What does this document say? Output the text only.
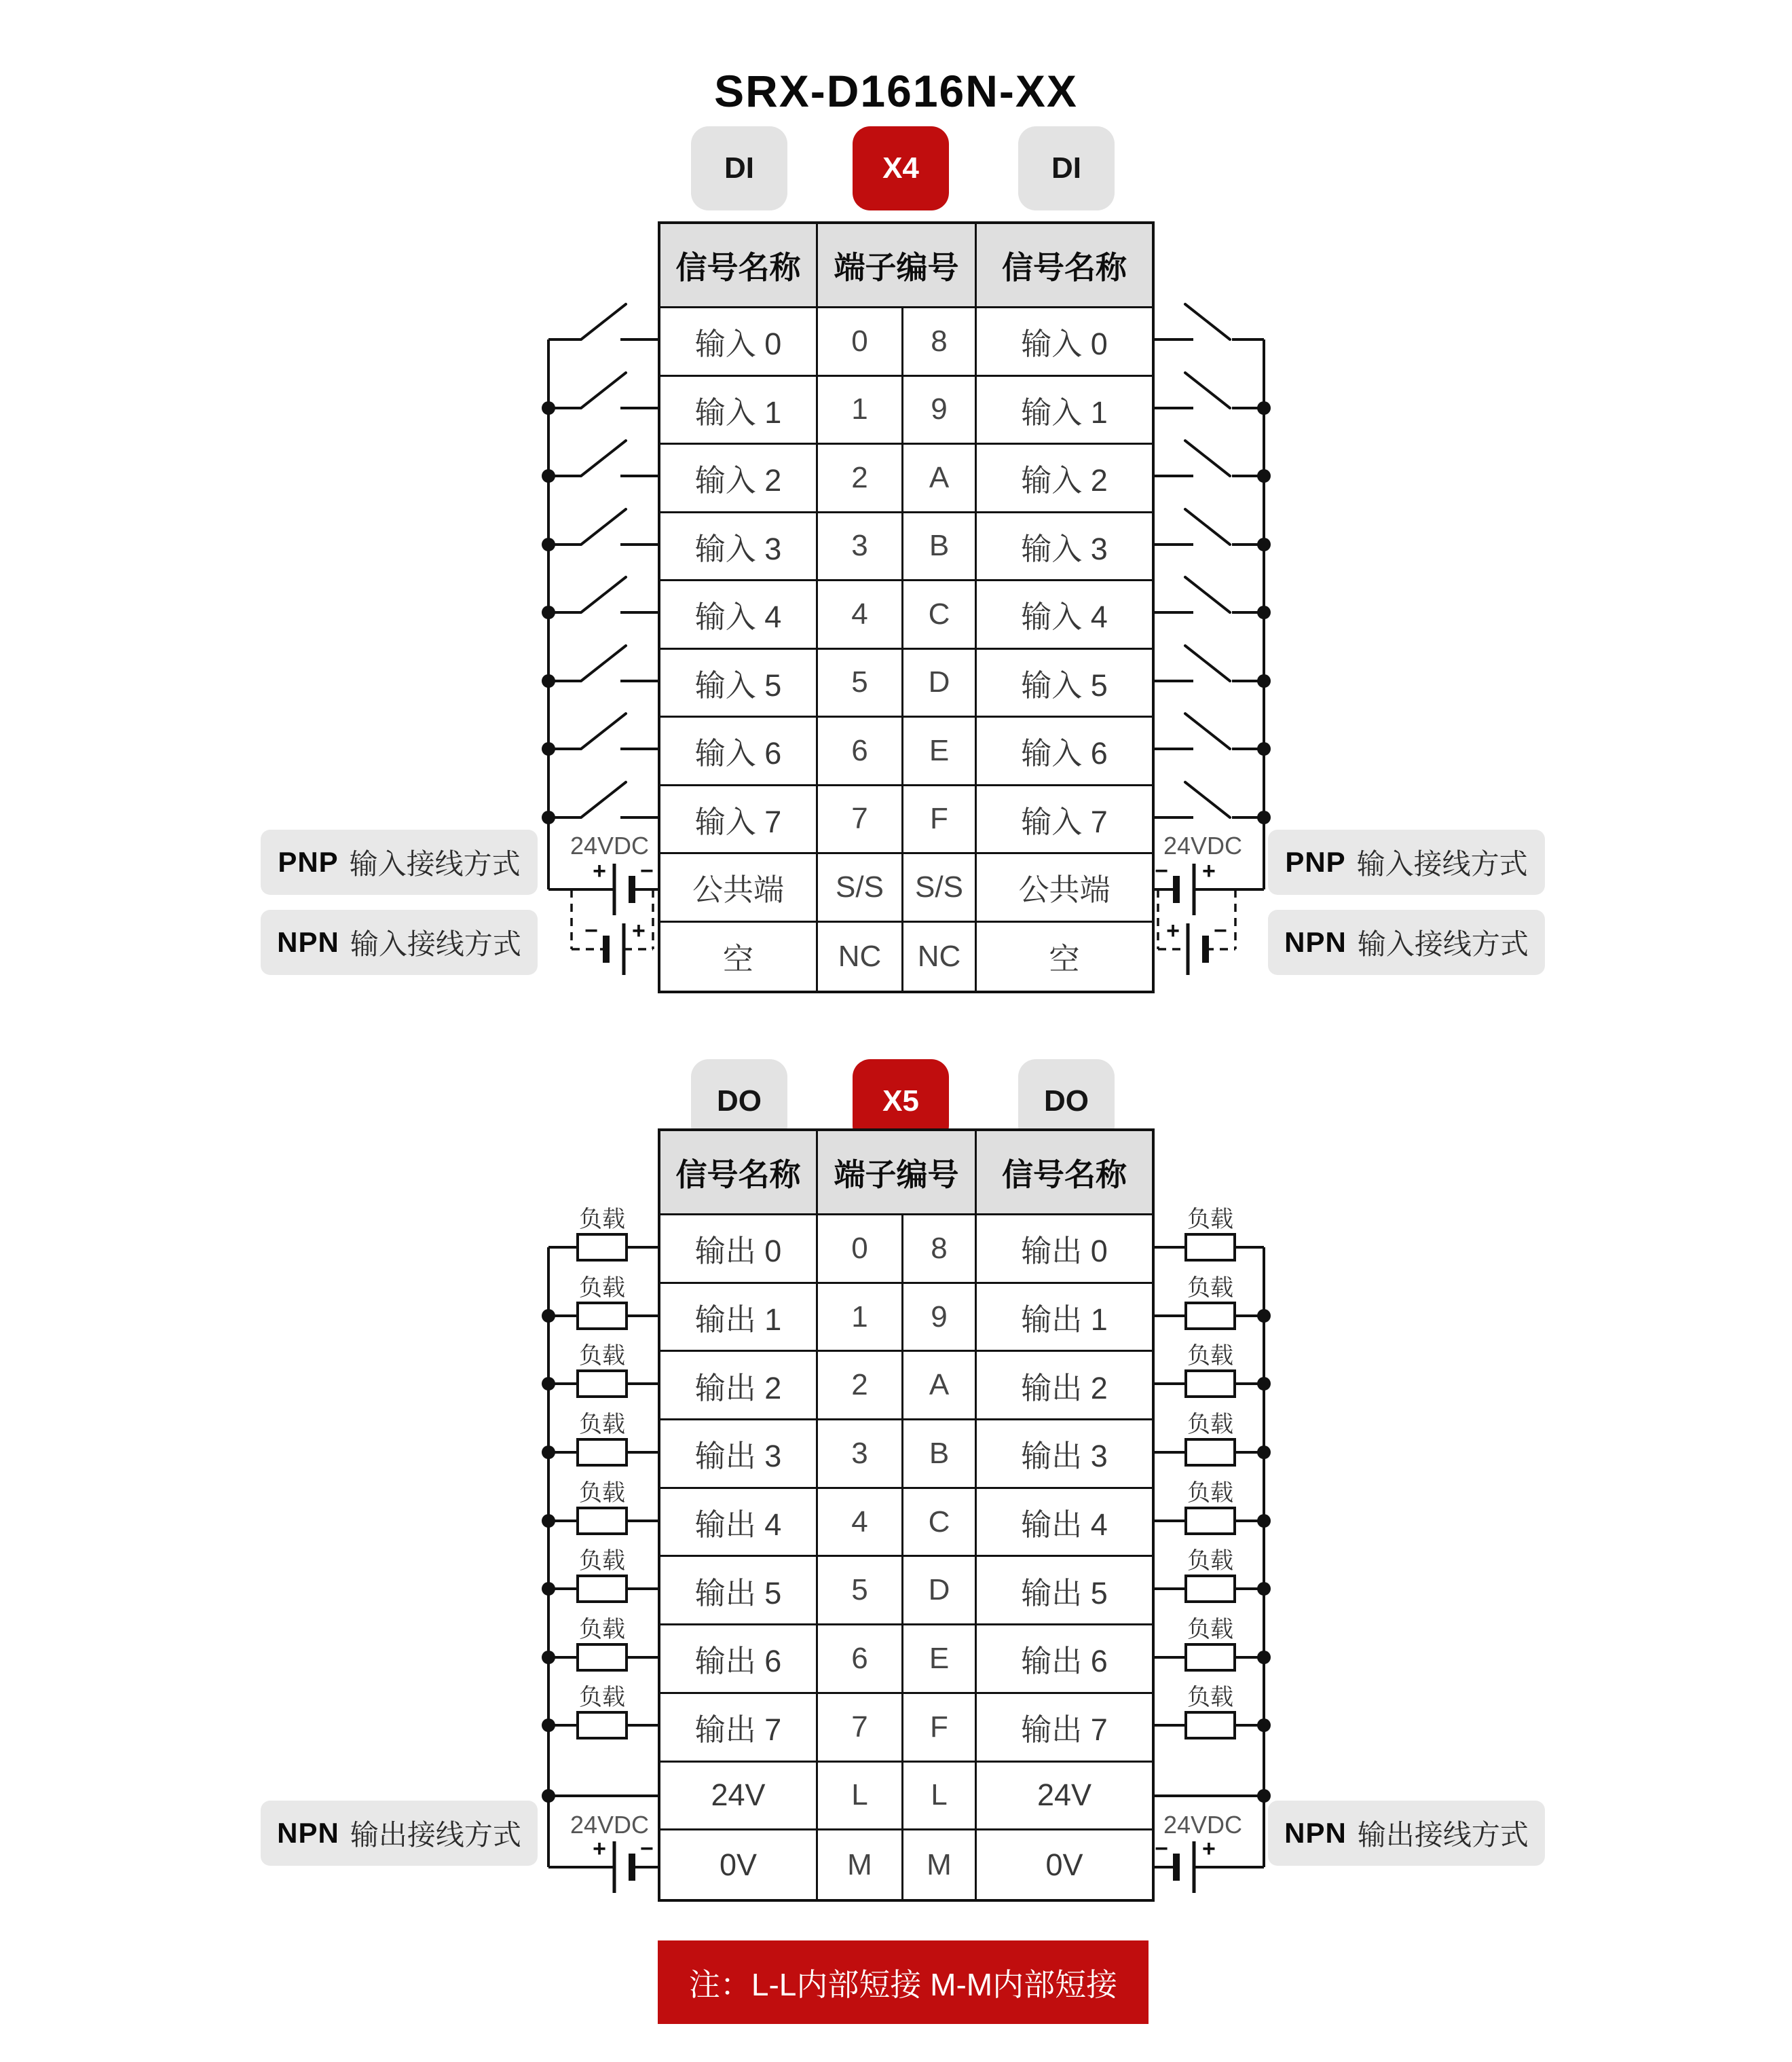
24VDC	24VDC
24VDC	24VDC
SRX-D1616N-XX
DI	X4	DI
DO	X5	DO
信号名称	端子编号	信号名称
输入 0	0	8	输入 0
输入 1	1	9	输入 1
输入 2	2	A	输入 2
输入 3	3	B	输入 3
输入 4	4	C	输入 4
输入 5	5	D	输入 5
输入 6	6	E	输入 6
输入 7	7	F	输入 7
公共端	S/S	S/S	公共端
空	NC	NC	空
信号名称	端子编号	信号名称
输出 0	0	8	输出 0
输出 1	1	9	输出 1
输出 2	2	A	输出 2
输出 3	3	B	输出 3
输出 4	4	C	输出 4
输出 5	5	D	输出 5
输出 6	6	E	输出 6
输出 7	7	F	输出 7
24V	L	L	24V
0V	M	M	0V
PNP 输入接线方式
NPN 输入接线方式
PNP 输入接线方式
NPN 输入接线方式
NPN 输出接线方式	NPN 输出接线方式
注：L-L内部短接 M-M内部短接
